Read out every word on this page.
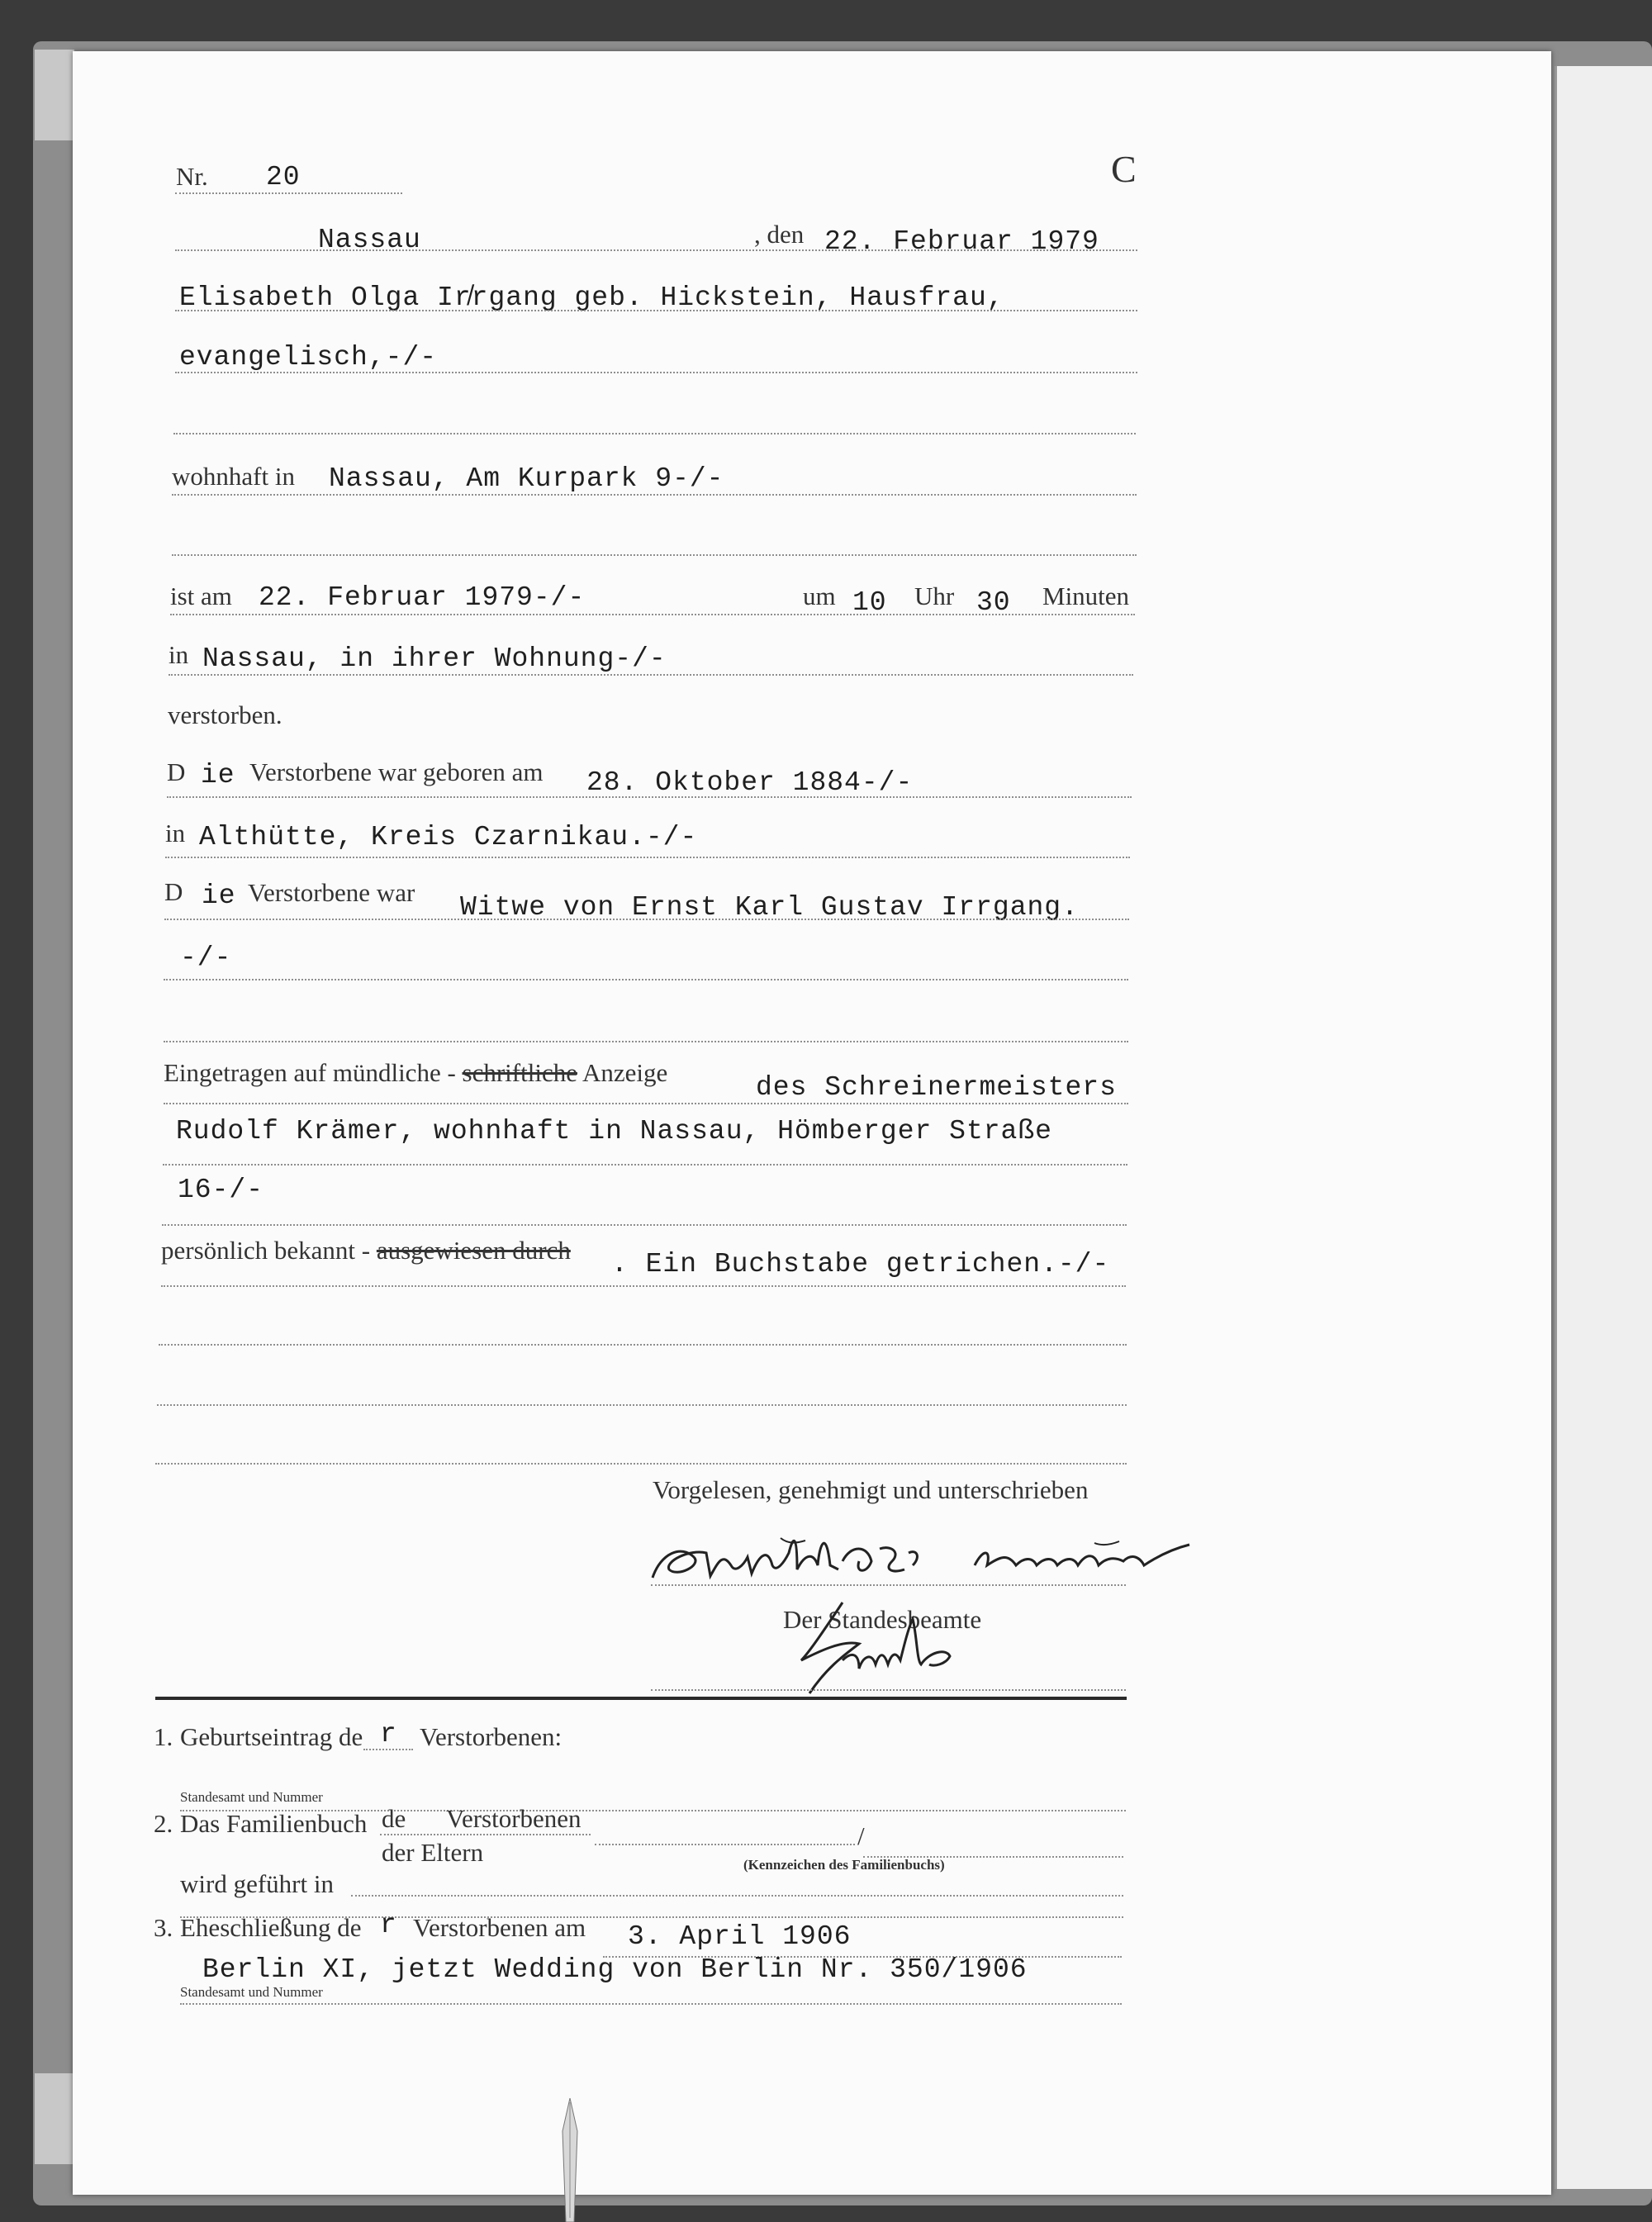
Nr. 20	C
Nassau	, den 22. Februar 1979
Elisabeth Olga Ir̸rgang geb. Hickstein, Hausfrau,
evangelisch,-/-
wohnhaft in Nassau, Am Kurpark 9-/-
ist am 22. Februar 1979-/-	um 10 Uhr 30 Minuten
in Nassau, in ihrer Wohnung-/-
verstorben.
D ie Verstorbene war geboren am 28. Oktober 1884-/-
in Althütte, Kreis Czarnikau.-/-
D ie Verstorbene war Witwe von Ernst Karl Gustav Irrgang.
-/-
Eingetragen auf mündliche - schriftliche Anzeige	des Schreinermeisters
Rudolf Krämer, wohnhaft in Nassau, Hömberger Straße
16-/-
persönlich bekannt - ausgewiesen durch . Ein Buchstabe getrichen.-/-
Vorgelesen, genehmigt und unterschrieben
Der Standesbeamte
1. Geburtseintrag de r Verstorbenen:
Standesamt und Nummer
2. Das Familienbuch de Verstorbenen
der Eltern
/
(Kennzeichen des Familienbuchs)
wird geführt in
3. Eheschließung de r Verstorbenen am 3. April 1906
Berlin XI, jetzt Wedding von Berlin Nr. 350/1906
Standesamt und Nummer
